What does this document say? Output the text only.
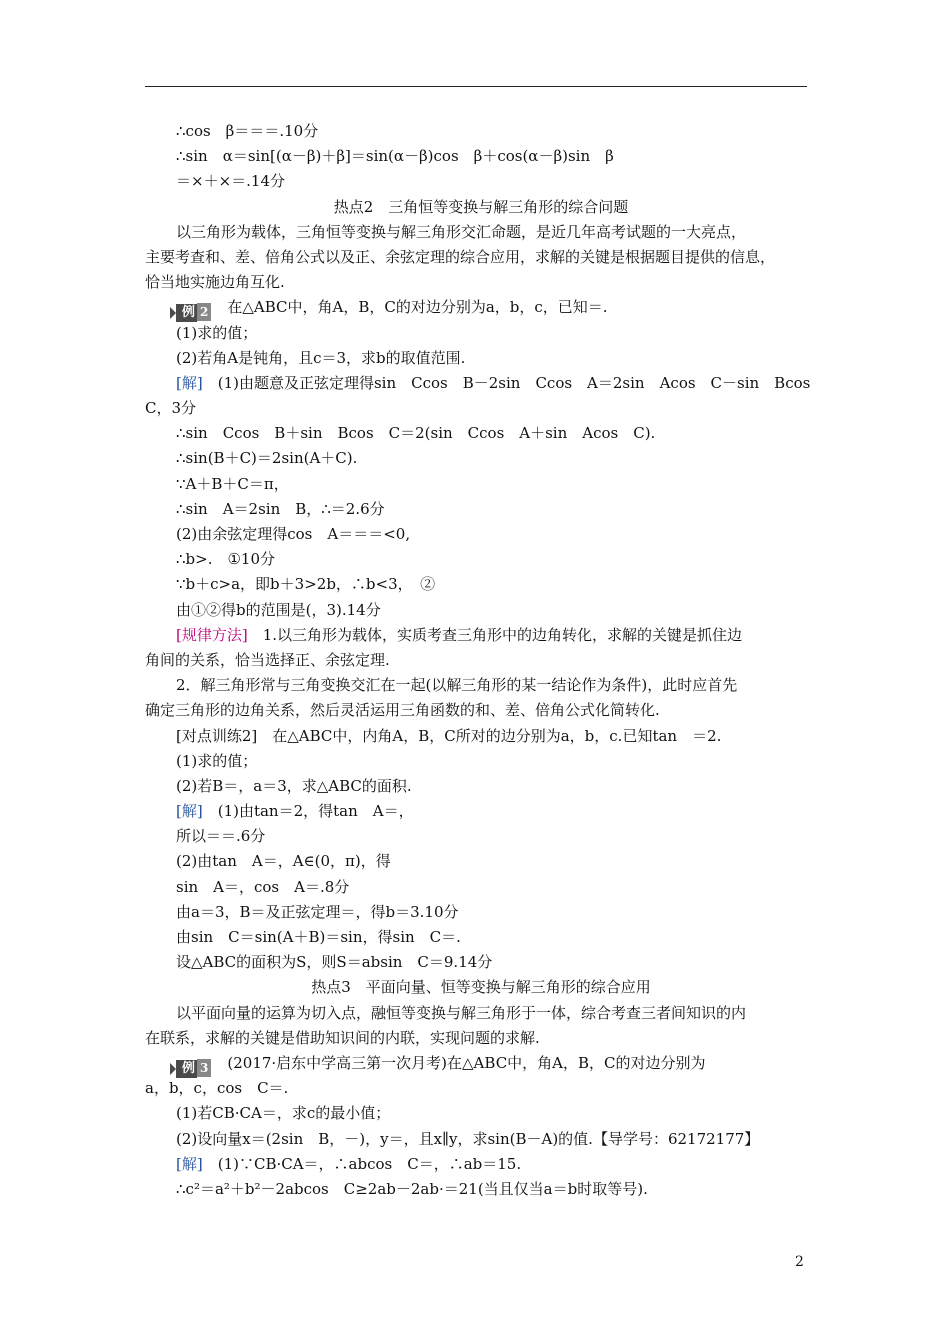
∴cos　β＝＝＝.10分
∴sin　α＝sin[(α－β)＋β]＝sin(α－β)cos　β＋cos(α－β)sin　β
＝×＋×＝.14分
热点2　三角恒等变换与解三角形的综合问题
以三角形为载体，三角恒等变换与解三角形交汇命题，是近几年高考试题的一大亮点，
主要考查和、差、倍角公式以及正、余弦定理的综合应用，求解的关键是根据题目提供的信息，
恰当地实施边角互化.
例 2 在△ABC中，角A，B，C的对边分别为a，b，c，已知＝.
(1)求的值；
(2)若角A是钝角，且c＝3，求b的取值范围.
[解]　(1)由题意及正弦定理得sin　Ccos　B－2sin　Ccos　A＝2sin　Acos　C－sin　Bcos
C，3分
∴sin　Ccos　B＋sin　Bcos　C＝2(sin　Ccos　A＋sin　Acos　C).
∴sin(B＋C)＝2sin(A＋C).
∵A＋B＋C＝π，
∴sin　A＝2sin　B，∴＝2.6分
(2)由余弦定理得cos　A＝＝＝<0,
∴b>.　①10分
∵b＋c>a，即b＋3>2b，∴b<3，　②
由①②得b的范围是(，3).14分
[规律方法]　1.以三角形为载体，实质考查三角形中的边角转化，求解的关键是抓住边
角间的关系，恰当选择正、余弦定理.
2．解三角形常与三角变换交汇在一起(以解三角形的某一结论作为条件)，此时应首先
确定三角形的边角关系，然后灵活运用三角函数的和、差、倍角公式化简转化.
[对点训练2]　在△ABC中，内角A，B，C所对的边分别为a，b，c.已知tan　＝2.
(1)求的值；
(2)若B＝，a＝3，求△ABC的面积.
[解]　(1)由tan＝2，得tan　A＝，
所以＝＝.6分
(2)由tan　A＝，A∈(0，π)，得
sin　A＝，cos　A＝.8分
由a＝3，B＝及正弦定理＝，得b＝3.10分
由sin　C＝sin(A＋B)＝sin，得sin　C＝.
设△ABC的面积为S，则S＝absin　C＝9.14分
热点3　平面向量、恒等变换与解三角形的综合应用
以平面向量的运算为切入点，融恒等变换与解三角形于一体，综合考查三者间知识的内
在联系，求解的关键是借助知识间的内联，实现问题的求解.
例 3 (2017·启东中学高三第一次月考)在△ABC中，角A，B，C的对边分别为
a，b，c，cos　C＝.
(1)若CB·CA＝，求c的最小值；
(2)设向量x＝(2sin　B，－)，y＝，且x∥y，求sin(B－A)的值.【导学号：62172177】
[解]　(1)∵CB·CA＝，∴abcos　C＝，∴ab＝15.
∴c²＝a²＋b²－2abcos　C≥2ab－2ab·＝21(当且仅当a＝b时取等号).
2
